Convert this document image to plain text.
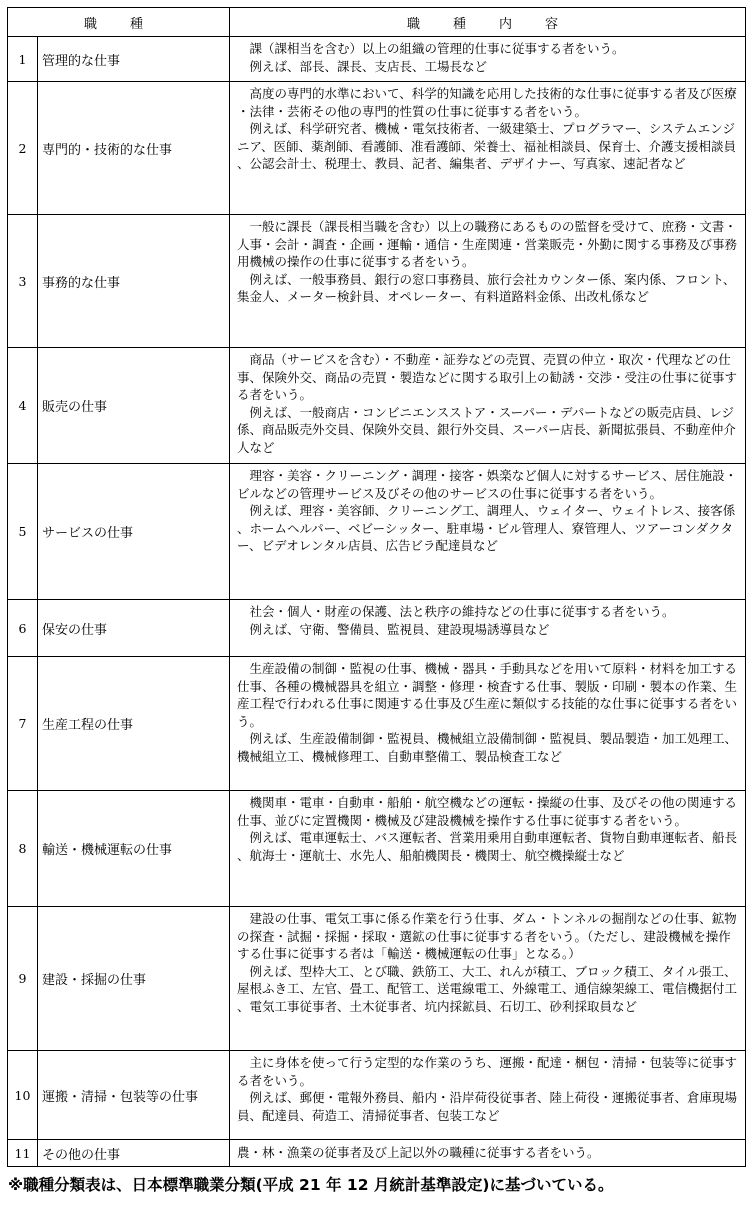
職　種		職　種　内　容
1	管理的な仕事	課（課相当を含む）以上の組織の管理的仕事に従事する者をいう。

例えば、部長、課長、支店長、工場長など

2	専門的・技術的な仕事	高度の専門的水準において、科学的知識を応用した技術的な仕事に従事する者及び医療・法律・芸術その他の専門的性質の仕事に従事する者をいう。

例えば、科学研究者、機械・電気技術者、一級建築士、プログラマー、システムエンジニア、医師、薬剤師、看護師、准看護師、栄養士、福祉相談員、保育士、介護支援相談員、公認会計士、税理士、教員、記者、編集者、デザイナー、写真家、速記者など

3	事務的な仕事	一般に課長（課長相当職を含む）以上の職務にあるものの監督を受けて、庶務・文書・人事・会計・調査・企画・運輸・通信・生産関連・営業販売・外勤に関する事務及び事務用機械の操作の仕事に従事する者をいう。

例えば、一般事務員、銀行の窓口事務員、旅行会社カウンター係、案内係、フロント、集金人、メーター検針員、オペレーター、有料道路料金係、出改札係など

4	販売の仕事	商品（サービスを含む）・不動産・証券などの売買、売買の仲立・取次・代理などの仕事、保険外交、商品の売買・製造などに関する取引上の勧誘・交渉・受注の仕事に従事する者をいう。

例えば、一般商店・コンビニエンスストア・スーパー・デパートなどの販売店員、レジ係、商品販売外交員、保険外交員、銀行外交員、スーパー店長、新聞拡張員、不動産仲介人など

5	サービスの仕事	理容・美容・クリーニング・調理・接客・娯楽など個人に対するサービス、居住施設・ビルなどの管理サービス及びその他のサービスの仕事に従事する者をいう。

例えば、理容・美容師、クリーニング工、調理人、ウェイター、ウェイトレス、接客係、ホームヘルパー、ベビーシッター、駐車場・ビル管理人、寮管理人、ツアーコンダクター、ビデオレンタル店員、広告ビラ配達員など

6	保安の仕事	社会・個人・財産の保護、法と秩序の維持などの仕事に従事する者をいう。

例えば、守衛、警備員、監視員、建設現場誘導員など

7	生産工程の仕事	生産設備の制御・監視の仕事、機械・器具・手動具などを用いて原料・材料を加工する仕事、各種の機械器具を組立・調整・修理・検査する仕事、製版・印刷・製本の作業、生産工程で行われる仕事に関連する仕事及び生産に類似する技能的な仕事に従事する者をいう。

例えば、生産設備制御・監視員、機械組立設備制御・監視員、製品製造・加工処理工、機械組立工、機械修理工、自動車整備工、製品検査工など

8	輸送・機械運転の仕事	機関車・電車・自動車・船舶・航空機などの運転・操縦の仕事、及びその他の関連する仕事、並びに定置機関・機械及び建設機械を操作する仕事に従事する者をいう。

例えば、電車運転士、バス運転者、営業用乗用自動車運転者、貨物自動車運転者、船長、航海士・運航士、水先人、船舶機関長・機関士、航空機操縦士など

9	建設・採掘の仕事	建設の仕事、電気工事に係る作業を行う仕事、ダム・トンネルの掘削などの仕事、鉱物の探査・試掘・採掘・採取・選鉱の仕事に従事する者をいう。（ただし、建設機械を操作する仕事に従事する者は「輸送・機械運転の仕事」となる。）

例えば、型枠大工、とび職、鉄筋工、大工、れんが積工、ブロック積工、タイル張工、屋根ふき工、左官、畳工、配管工、送電線電工、外線電工、通信線架線工、電信機据付工、電気工事従事者、土木従事者、坑内採鉱員、石切工、砂利採取員など

10	運搬・清掃・包装等の仕事	主に身体を使って行う定型的な作業のうち、運搬・配達・梱包・清掃・包装等に従事する者をいう。

例えば、郵便・電報外務員、船内・沿岸荷役従事者、陸上荷役・運搬従事者、倉庫現場員、配達員、荷造工、清掃従事者、包装工など

11	その他の仕事	農・林・漁業の従事者及び上記以外の職種に従事する者をいう。

※職種分類表は、日本標準職業分類(平成 21 年 12 月統計基準設定)に基づいている。
